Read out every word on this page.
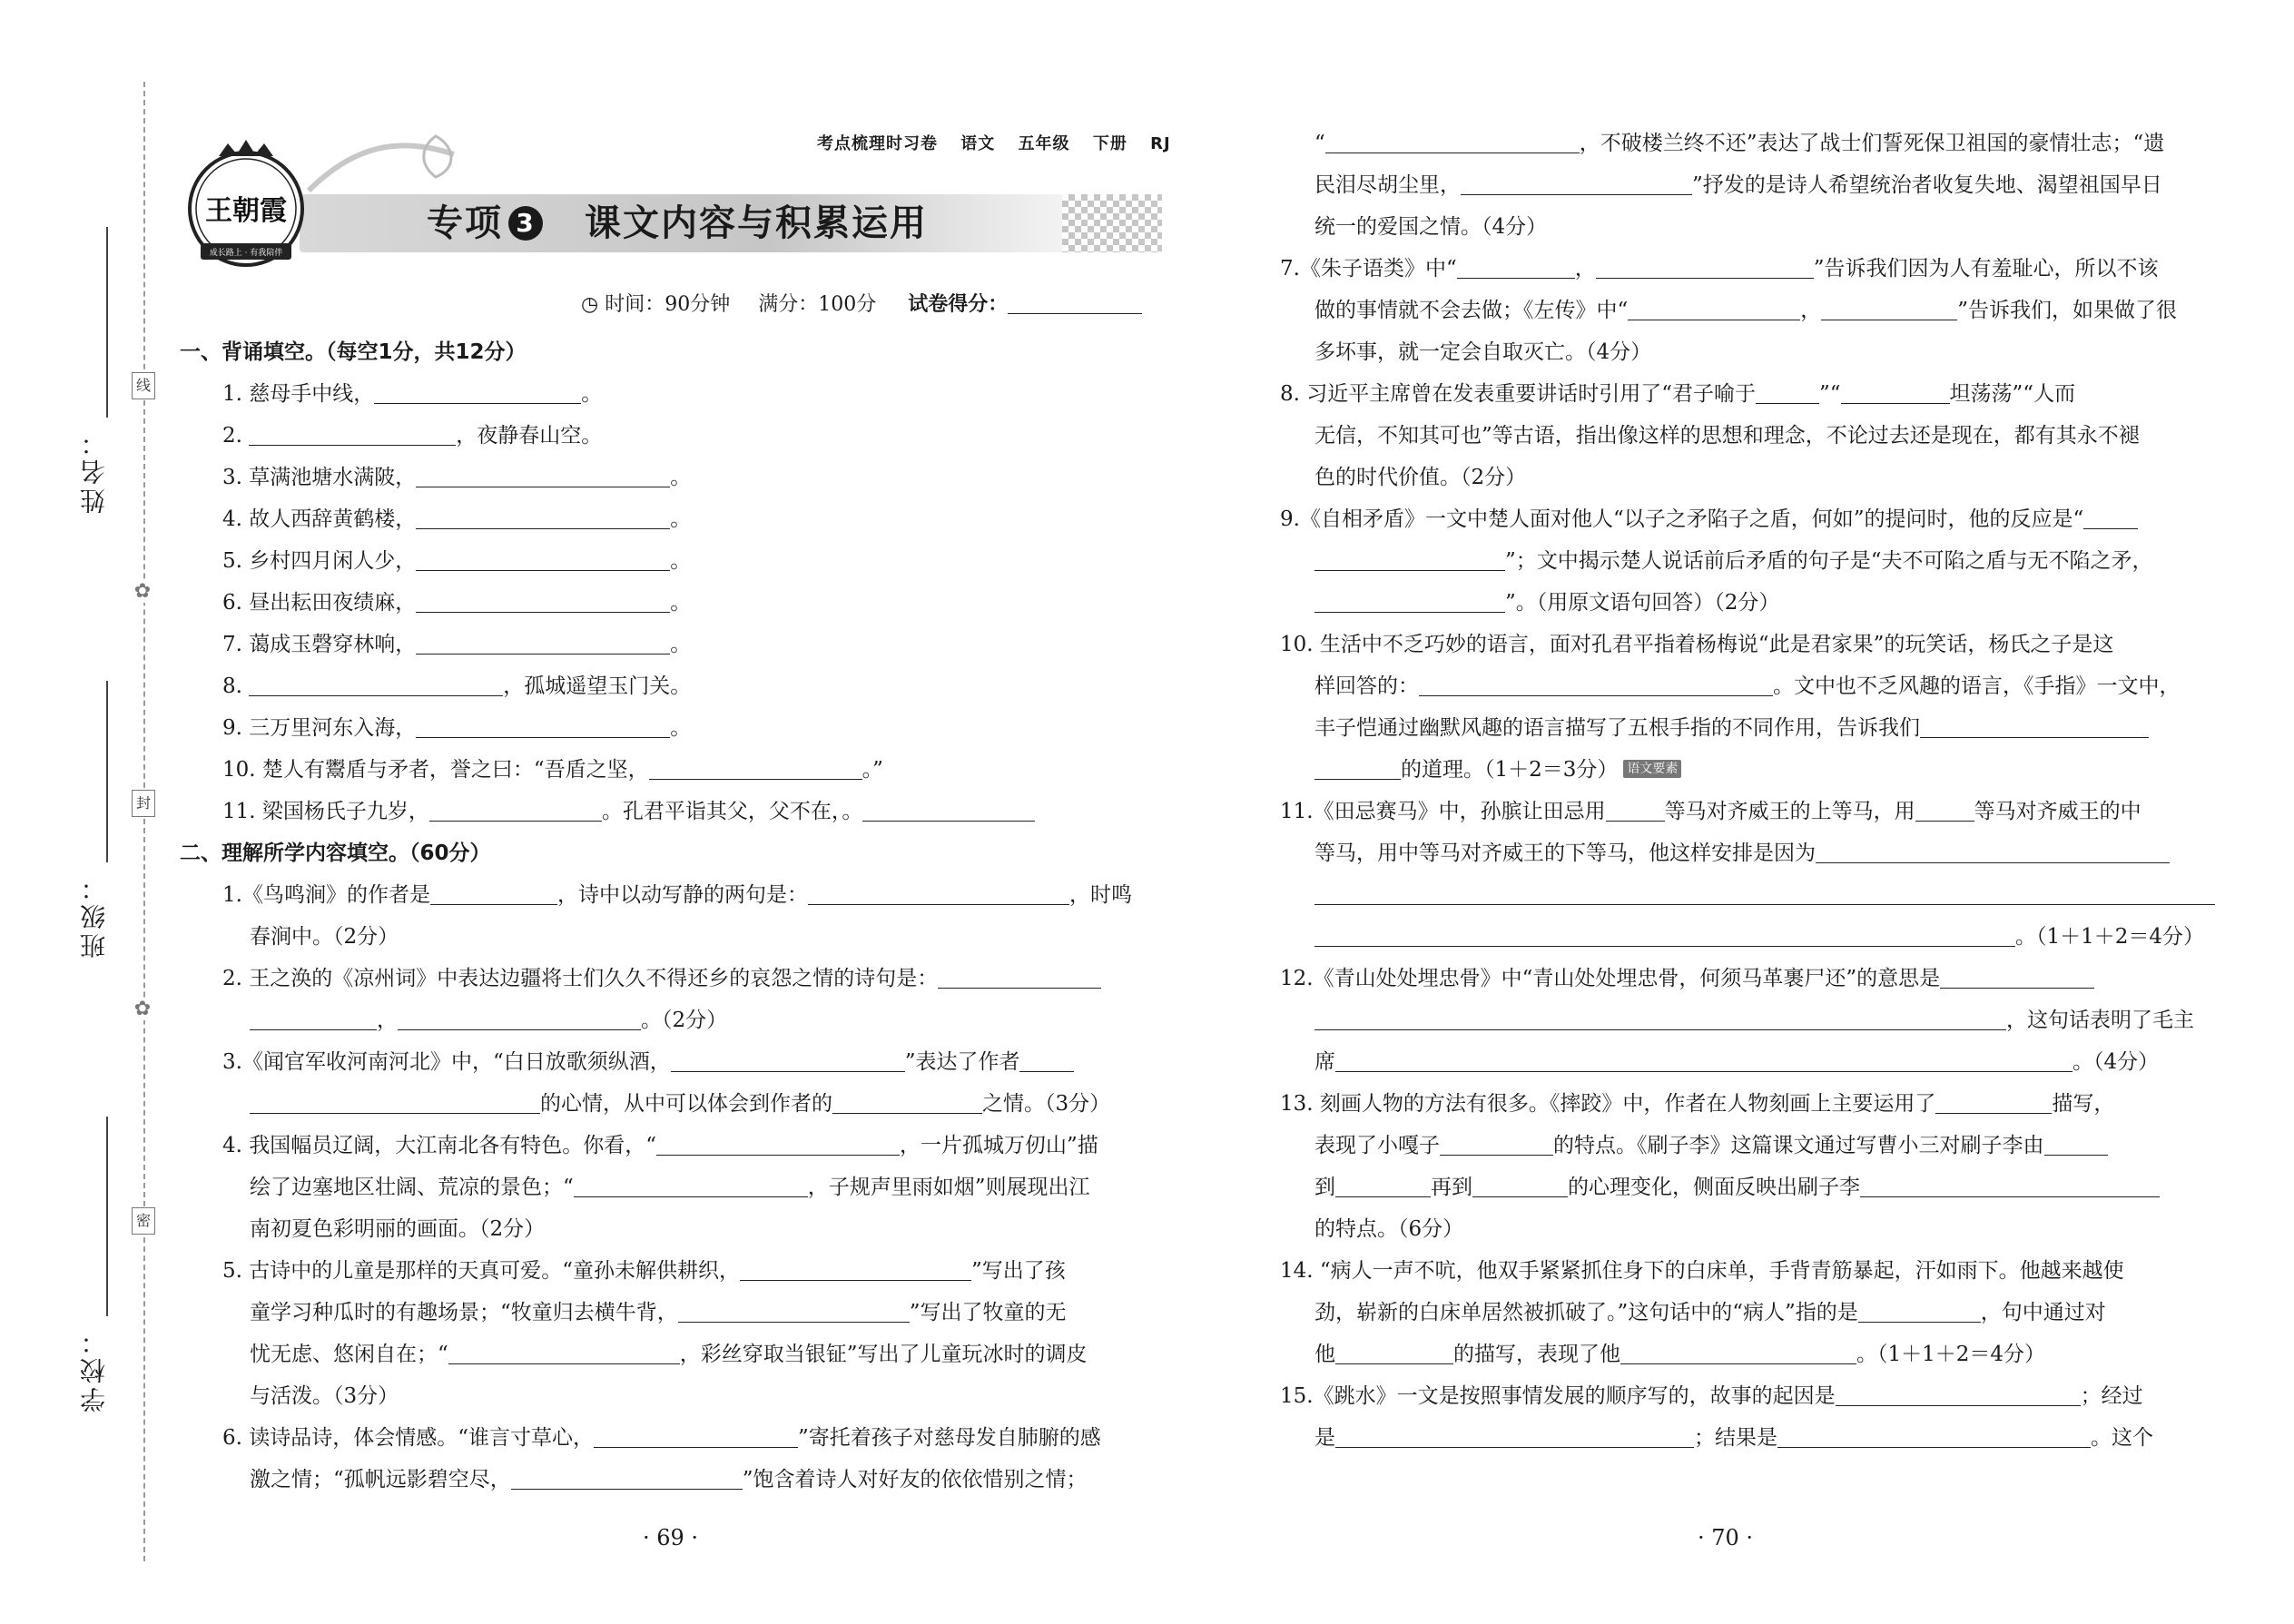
姓名：
班级：
学校：
线
✿
封
✿
密
王朝霞
成长路上 · 有我陪伴
考点梳理时习卷 语文 五年级 下册 RJ
专项 3 课文内容与积累运用
◷ 时间：90分钟 满分：100分 试卷得分：
一、背诵填空。（每空1分，共12分）
1. 慈母手中线，	。
2.	，夜静春山空。
3. 草满池塘水满陂，	。
4. 故人西辞黄鹤楼，	。
5. 乡村四月闲人少，	。
6. 昼出耘田夜绩麻，	。
7. 蔼成玉磬穿林响，	。
8.	，孤城遥望玉门关。
9. 三万里河东入海，	。
10. 楚人有鬻盾与矛者，誉之曰：“吾盾之坚，	。”
11. 梁国杨氏子九岁，	。孔君平诣其父，父不在，。
二、理解所学内容填空。（60分）
1.《鸟鸣涧》的作者是	，诗中以动写静的两句是：	，时鸣
春涧中。（2分）
2. 王之涣的《凉州词》中表达边疆将士们久久不得还乡的哀怨之情的诗句是：
，	。（2分）
3.《闻官军收河南河北》中，“白日放歌须纵酒，	”表达了作者
的心情，从中可以体会到作者的	之情。（3分）
4. 我国幅员辽阔，大江南北各有特色。你看，“	，一片孤城万仞山”描
绘了边塞地区壮阔、荒凉的景色；“	，子规声里雨如烟”则展现出江
南初夏色彩明丽的画面。（2分）
5. 古诗中的儿童是那样的天真可爱。“童孙未解供耕织，	”写出了孩
童学习种瓜时的有趣场景；“牧童归去横牛背，	”写出了牧童的无
忧无虑、悠闲自在；“	，彩丝穿取当银钲”写出了儿童玩冰时的调皮
与活泼。（3分）
6. 读诗品诗，体会情感。“谁言寸草心，	”寄托着孩子对慈母发自肺腑的感
激之情；“孤帆远影碧空尽，	”饱含着诗人对好友的依依惜别之情；
· 69 ·
“	，不破楼兰终不还”表达了战士们誓死保卫祖国的豪情壮志；“遗
民泪尽胡尘里，	”抒发的是诗人希望统治者收复失地、渴望祖国早日
统一的爱国之情。（4分）
7.《朱子语类》中“	，	”告诉我们因为人有羞耻心，所以不该
做的事情就不会去做；《左传》中“	，	”告诉我们，如果做了很
多坏事，就一定会自取灭亡。（4分）
8. 习近平主席曾在发表重要讲话时引用了“君子喻于	”“	坦荡荡”“人而
无信，不知其可也”等古语，指出像这样的思想和理念，不论过去还是现在，都有其永不褪
色的时代价值。（2分）
9.《自相矛盾》一文中楚人面对他人“以子之矛陷子之盾，何如”的提问时，他的反应是“
”；文中揭示楚人说话前后矛盾的句子是“夫不可陷之盾与无不陷之矛，
”。（用原文语句回答）（2分）
10. 生活中不乏巧妙的语言，面对孔君平指着杨梅说“此是君家果”的玩笑话，杨氏之子是这
样回答的：	。文中也不乏风趣的语言，《手指》一文中，
丰子恺通过幽默风趣的语言描写了五根手指的不同作用，告诉我们
的道理。（1＋2＝3分） 语文要素
11.《田忌赛马》中，孙膑让田忌用	等马对齐威王的上等马，用	等马对齐威王的中
等马，用中等马对齐威王的下等马，他这样安排是因为
。（1＋1＋2＝4分）
12.《青山处处埋忠骨》中“青山处处埋忠骨，何须马革裹尸还”的意思是
，这句话表明了毛主
席	。（4分）
13. 刻画人物的方法有很多。《摔跤》中，作者在人物刻画上主要运用了	描写，
表现了小嘎子	的特点。《刷子李》这篇课文通过写曹小三对刷子李由
到	再到	的心理变化，侧面反映出刷子李
的特点。（6分）
14. “病人一声不吭，他双手紧紧抓住身下的白床单，手背青筋暴起，汗如雨下。他越来越使
劲，崭新的白床单居然被抓破了。”这句话中的“病人”指的是	，句中通过对
他	的描写，表现了他	。（1＋1＋2＝4分）
15.《跳水》一文是按照事情发展的顺序写的，故事的起因是	；经过
是	；结果是	。这个
· 70 ·
